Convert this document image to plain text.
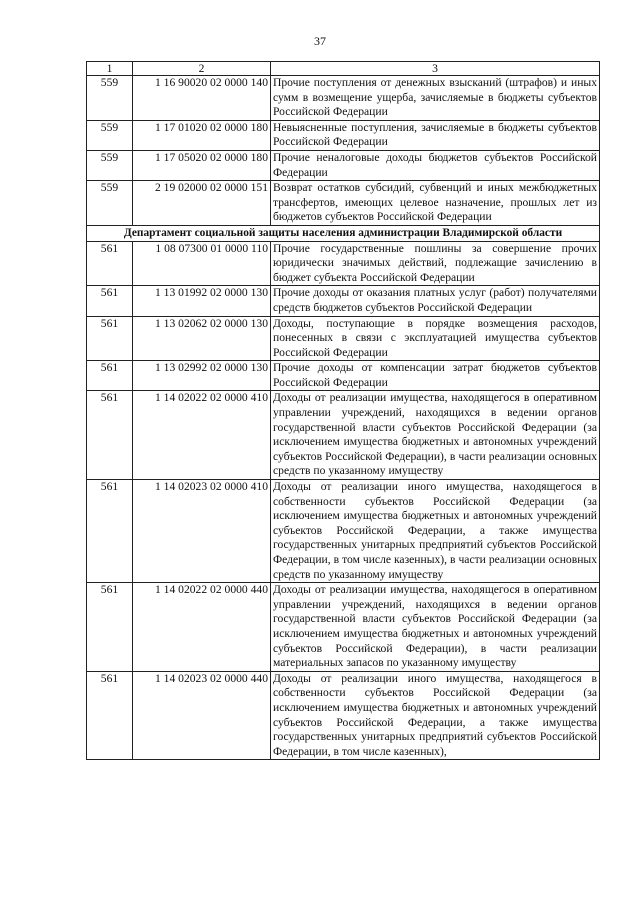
37
1	2	3
559	1 16 90020 02 0000 140	Прочие поступления от денежных взысканий (штрафов) и иных сумм в возмещение ущерба, зачисляемые в бюджеты субъектов Российской Федерации
559	1 17 01020 02 0000 180	Невыясненные поступления, зачисляемые в бюджеты субъектов Российской Федерации
559	1 17 05020 02 0000 180	Прочие неналоговые доходы бюджетов субъектов Российской Федерации
559	2 19 02000 02 0000 151	Возврат остатков субсидий, субвенций и иных межбюджетных трансфертов, имеющих целевое назначение, прошлых лет из бюджетов субъектов Российской Федерации
Департамент социальной защиты населения администрации Владимирской области		
561	1 08 07300 01 0000 110	Прочие государственные пошлины за совершение прочих юридически значимых действий, подлежащие зачислению в бюджет субъекта Российской Федерации
561	1 13 01992 02 0000 130	Прочие доходы от оказания платных услуг (работ) получателями средств бюджетов субъектов Российской Федерации
561	1 13 02062 02 0000 130	Доходы, поступающие в порядке возмещения расходов, понесенных в связи с эксплуатацией имущества субъектов Российской Федерации
561	1 13 02992 02 0000 130	Прочие доходы от компенсации затрат бюджетов субъектов Российской Федерации
561	1 14 02022 02 0000 410	Доходы от реализации имущества, находящегося в оперативном управлении учреждений, находящихся в ведении органов государственной власти субъектов Российской Федерации (за исключением имущества бюджетных и автономных учреждений субъектов Российской Федерации), в части реализации основных средств по указанному имуществу
561	1 14 02023 02 0000 410	Доходы от реализации иного имущества, находящегося в собственности субъектов Российской Федерации (за исключением имущества бюджетных и автономных учреждений субъектов Российской Федерации, а также имущества государственных унитарных предприятий субъектов Российской Федерации, в том числе казенных), в части реализации основных средств по указанному имуществу
561	1 14 02022 02 0000 440	Доходы от реализации имущества, находящегося в оперативном управлении учреждений, находящихся в ведении органов государственной власти субъектов Российской Федерации (за исключением имущества бюджетных и автономных учреждений субъектов Российской Федерации), в части реализации материальных запасов по указанному имуществу
561	1 14 02023 02 0000 440	Доходы от реализации иного имущества, находящегося в собственности субъектов Российской Федерации (за исключением имущества бюджетных и автономных учреждений субъектов Российской Федерации, а также имущества государственных унитарных предприятий субъектов Российской Федерации, в том числе казенных),
